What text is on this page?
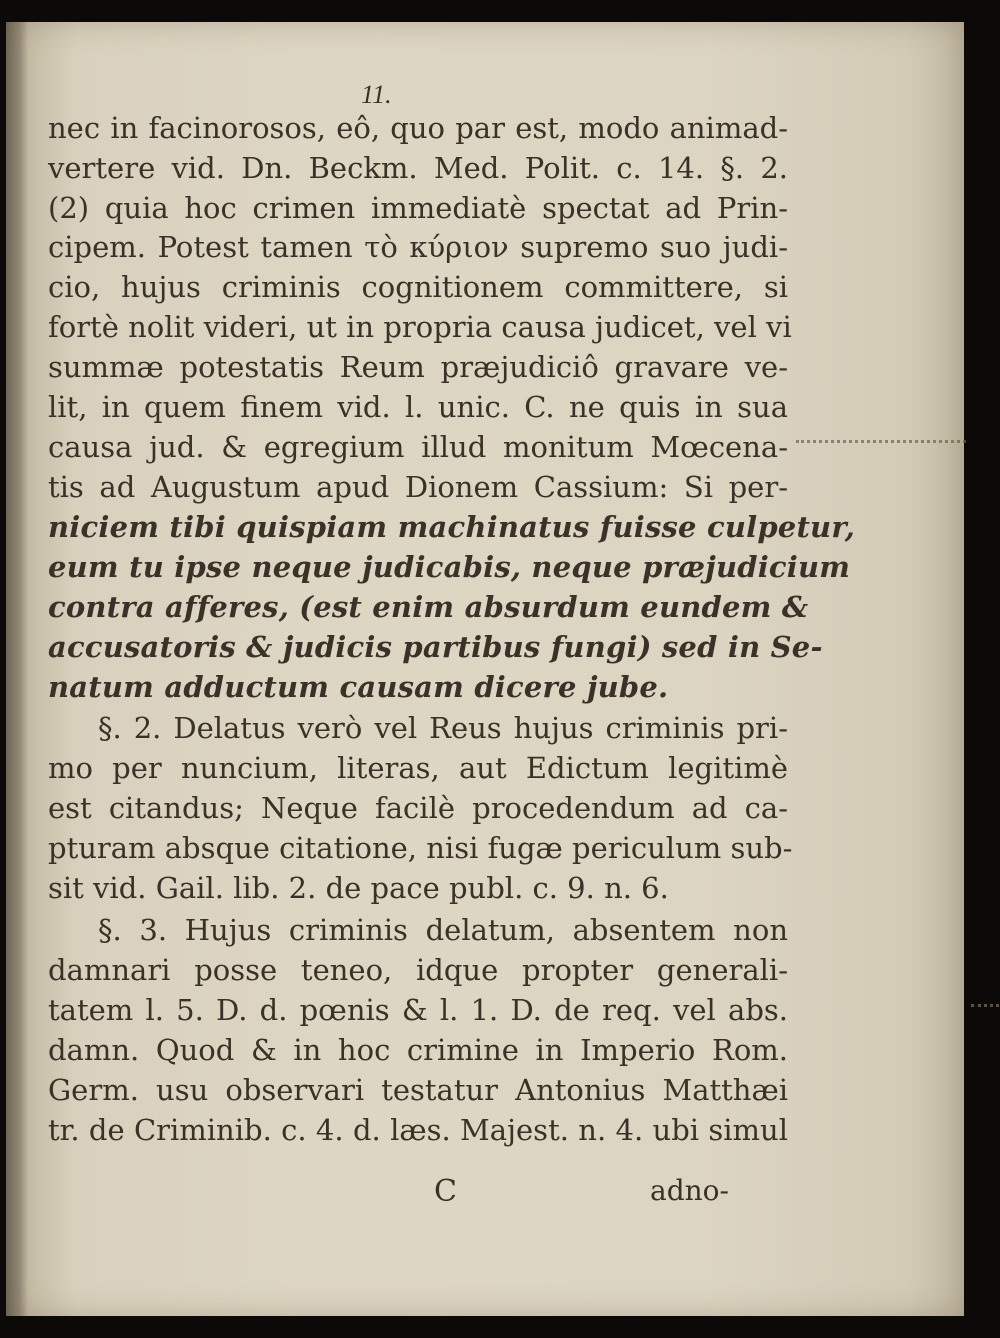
11.
nec in facinorosos, eô, quo par est, modo animad-
vertere vid. Dn. Beckm. Med. Polit. c. 14. §. 2.
(2) quia hoc crimen immediatè spectat ad Prin-
cipem. Potest tamen τὸ κύριον supremo suo judi-
cio, hujus criminis cognitionem committere, si
fortè nolit videri, ut in propria causa judicet, vel vi
summæ potestatis Reum præjudiciô gravare ve-
lit, in quem finem vid. l. unic. C. ne quis in sua
causa jud. & egregium illud monitum Mœcena-
tis ad Augustum apud Dionem Cassium: Si per-
niciem tibi quispiam machinatus fuisse culpetur,
eum tu ipse neque judicabis, neque præjudicium
contra afferes, (est enim absurdum eundem &
accusatoris & judicis partibus fungi) sed in Se-
natum adductum causam dicere jube.
§. 2. Delatus verò vel Reus hujus criminis pri-
mo per nuncium, literas, aut Edictum legitimè
est citandus; Neque facilè procedendum ad ca-
pturam absque citatione, nisi fugæ periculum sub-
sit vid. Gail. lib. 2. de pace publ. c. 9. n. 6.
§. 3. Hujus criminis delatum, absentem non
damnari posse teneo, idque propter generali-
tatem l. 5. D. d. pœnis & l. 1. D. de req. vel abs.
damn. Quod & in hoc crimine in Imperio Rom.
Germ. usu observari testatur Antonius Matthæi
tr. de Criminib. c. 4. d. læs. Majest. n. 4. ubi simul
C	adno-
